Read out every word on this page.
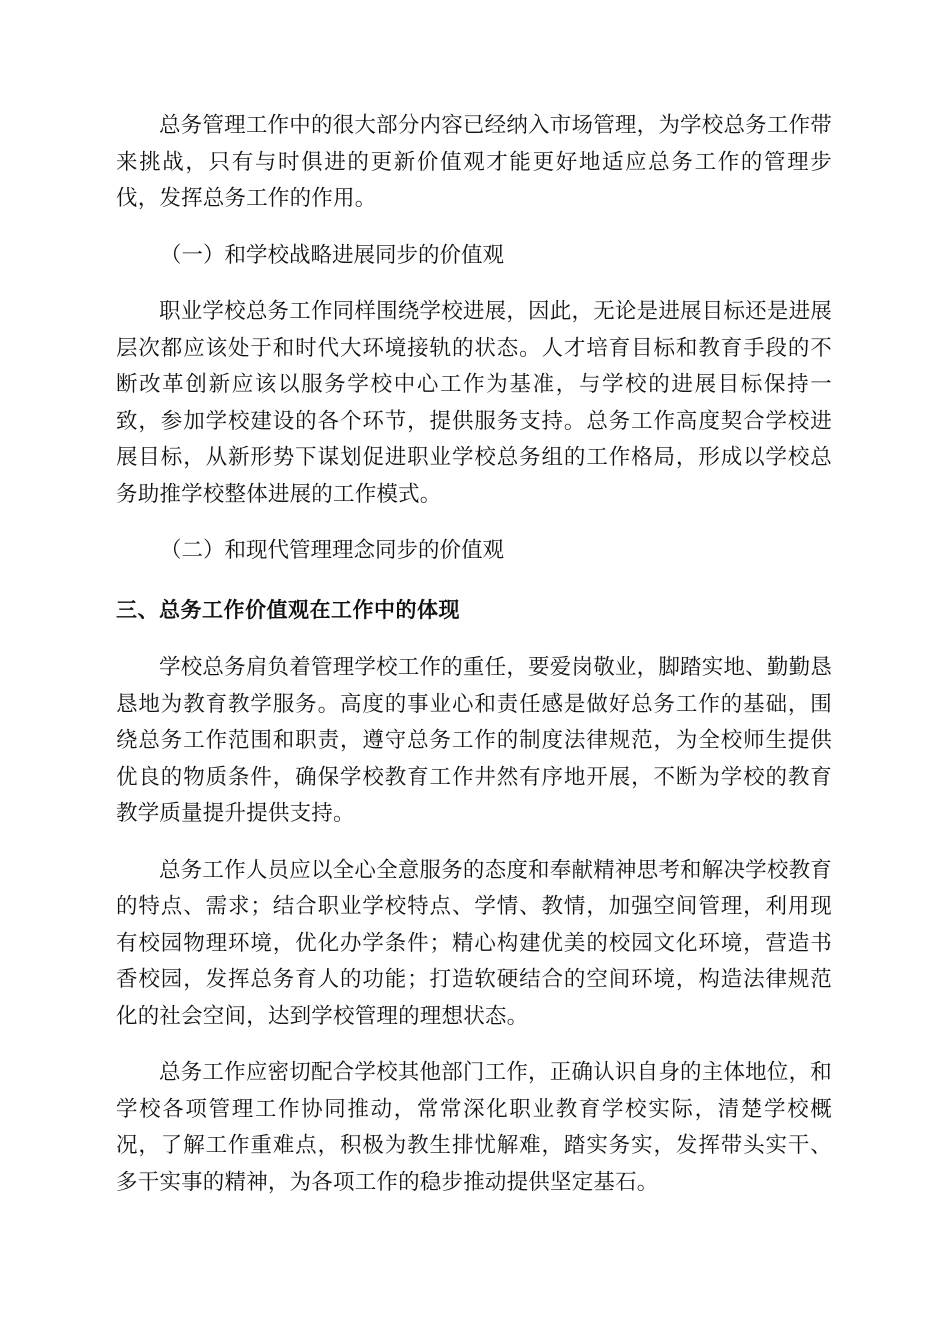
总务管理工作中的很大部分内容已经纳入市场管理，为学校总务工作带来挑战，只有与时俱进的更新价值观才能更好地适应总务工作的管理步伐，发挥总务工作的作用。

（一）和学校战略进展同步的价值观

职业学校总务工作同样围绕学校进展，因此，无论是进展目标还是进展层次都应该处于和时代大环境接轨的状态。人才培育目标和教育手段的不断改革创新应该以服务学校中心工作为基准，与学校的进展目标保持一致，参加学校建设的各个环节，提供服务支持。总务工作高度契合学校进展目标，从新形势下谋划促进职业学校总务组的工作格局，形成以学校总务助推学校整体进展的工作模式。

（二）和现代管理理念同步的价值观

三、总务工作价值观在工作中的体现

学校总务肩负着管理学校工作的重任，要爱岗敬业，脚踏实地、勤勤恳恳地为教育教学服务。高度的事业心和责任感是做好总务工作的基础，围绕总务工作范围和职责，遵守总务工作的制度法律规范，为全校师生提供优良的物质条件，确保学校教育工作井然有序地开展，不断为学校的教育教学质量提升提供支持。

总务工作人员应以全心全意服务的态度和奉献精神思考和解决学校教育的特点、需求；结合职业学校特点、学情、教情，加强空间管理，利用现有校园物理环境，优化办学条件；精心构建优美的校园文化环境，营造书香校园，发挥总务育人的功能；打造软硬结合的空间环境，构造法律规范化的社会空间，达到学校管理的理想状态。

总务工作应密切配合学校其他部门工作，正确认识自身的主体地位，和学校各项管理工作协同推动，常常深化职业教育学校实际，清楚学校概况，了解工作重难点，积极为教生排忧解难，踏实务实，发挥带头实干、多干实事的精神，为各项工作的稳步推动提供坚定基石。
